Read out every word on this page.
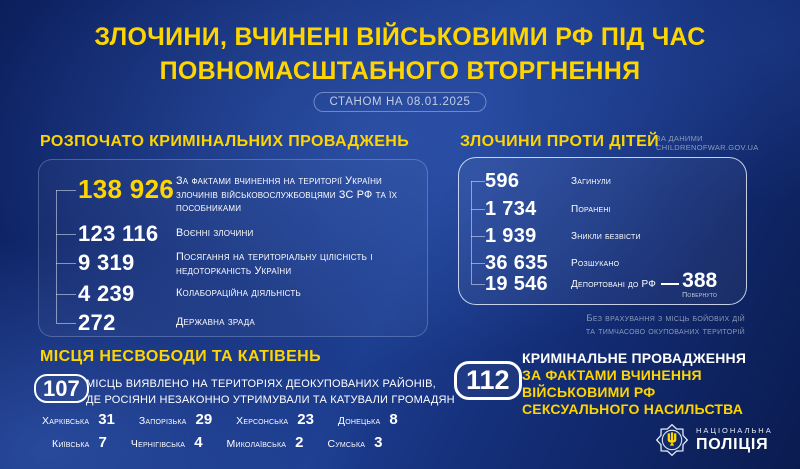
ЗЛОЧИНИ, ВЧИНЕНІ ВІЙСЬКОВИМИ РФ ПІД ЧАС
ПОВНОМАСШТАБНОГО ВТОРГНЕННЯ
СТАНОМ НА 08.01.2025
РОЗПОЧАТО КРИМІНАЛЬНИХ ПРОВАДЖЕНЬ
138 926 За фактами вчинення на території України злочинів військовослужбовцями ЗС РФ та їх пособниками
123 116	Воєнні злочини
9 319	Посягання на територіальну цілісність і недоторканість України
4 239	Колабораційна діяльність
272	Державна зрада
ЗЛОЧИНИ ПРОТИ ДІТЕЙ
ЗА ДАНИМИ
CHILDRENOFWAR.GOV.UA
596	Загинули
1 734	Поранені
1 939	Зникли безвісти
36 635	Розшукано
19 546	Депортовані до РФ 388
Повернуто
Без врахування з місць бойових дій
та тимчасово окупованих територій
МІСЦЯ НЕСВОБОДИ ТА КАТІВЕНЬ
107 МІСЦЬ ВИЯВЛЕНО НА ТЕРИТОРІЯХ ДЕОКУПОВАНИХ РАЙОНІВ,
ДЕ РОСІЯНИ НЕЗАКОННО УТРИМУВАЛИ ТА КАТУВАЛИ ГРОМАДЯН
Харківська 31 Запорізька 29 Херсонська 23 Донецька 8
Київська 7 Чернігівська 4 Миколаївська 2 Сумська 3
112
КРИМІНАЛЬНЕ ПРОВАДЖЕННЯ
ЗА ФАКТАМИ ВЧИНЕННЯ
ВІЙСЬКОВИМИ РФ
СЕКСУАЛЬНОГО НАСИЛЬСТВА
НАЦІОНАЛЬНА
ПОЛІЦІЯ
